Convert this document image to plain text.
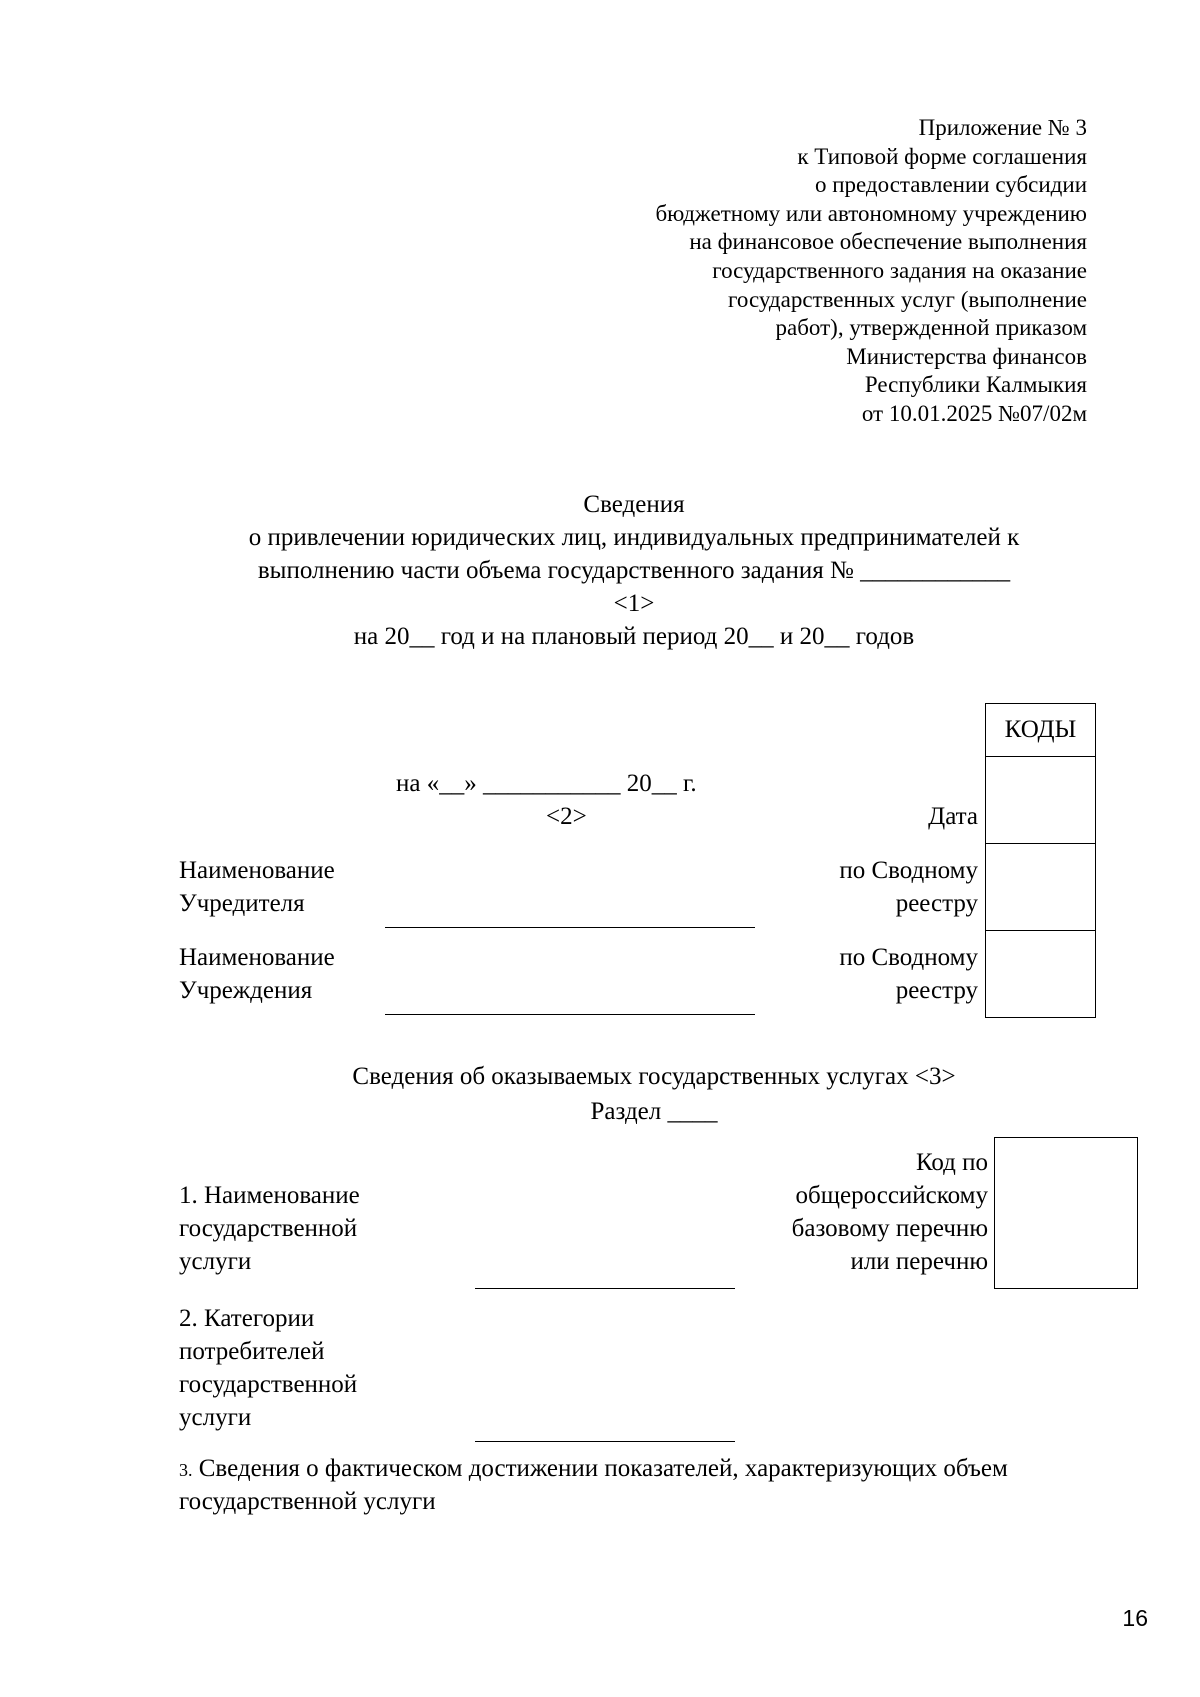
Приложение № 3
к Типовой форме соглашения
о предоставлении субсидии
бюджетному или автономному учреждению
на финансовое обеспечение выполнения
государственного задания на оказание
государственных услуг (выполнение
работ), утвержденной приказом
Министерства финансов
Республики Калмыкия
от 10.01.2025 №07/02м
Сведения
о привлечении юридических лиц, индивидуальных предпринимателей к
выполнению части объема государственного задания № ____________
<1>
на 20__ год и на плановый период 20__ и 20__ годов
КОДЫ
на «__» ___________ 20__ г.
<2>	Дата
Наименование
Учредителя
по Сводному
реестру
Наименование
Учреждения
по Сводному
реестру
Сведения об оказываемых государственных услугах <3>
Раздел ____
1. Наименование
государственной
услуги
Код по
общероссийскому
базовому перечню
или перечню
2. Категории
потребителей
государственной
услуги
3. Сведения о фактическом достижении показателей, характеризующих объем
государственной услуги
16
